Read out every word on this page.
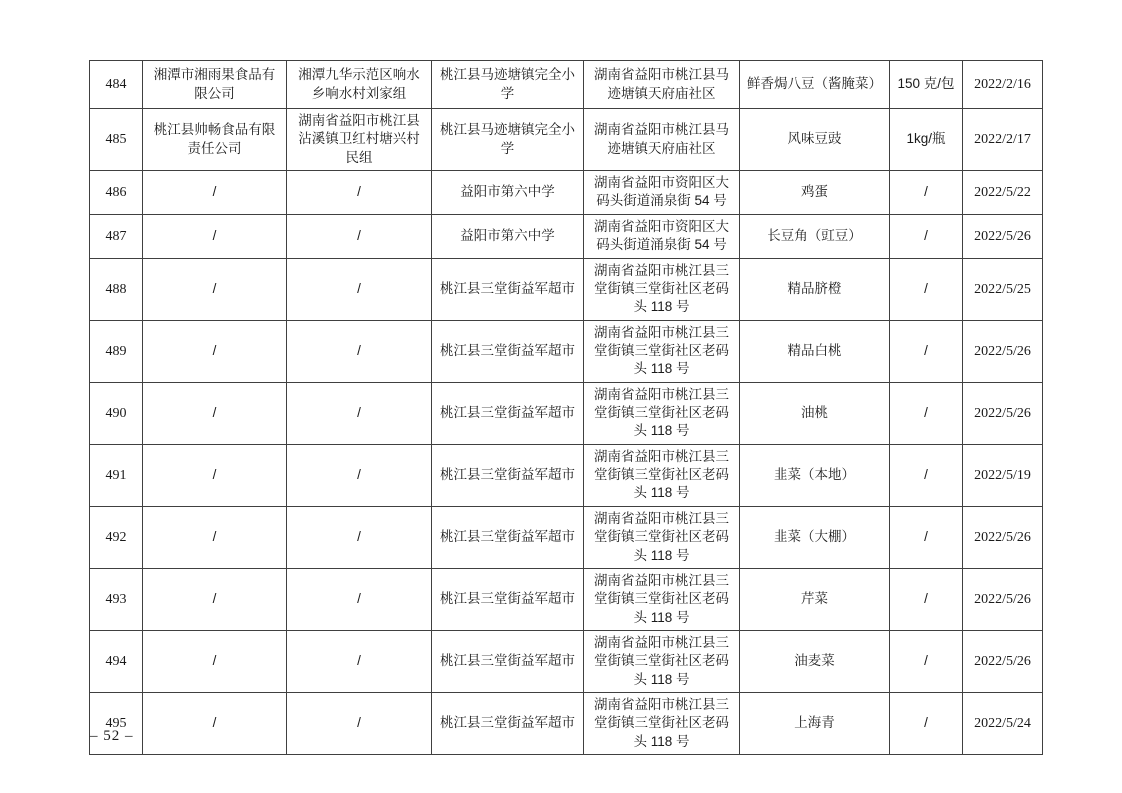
484	湘潭市湘雨果食品有限公司	湘潭九华示范区响水乡响水村刘家组	桃江县马迹塘镇完全小学	湖南省益阳市桃江县马迹塘镇天府庙社区	鲜香焗八豆（酱腌菜）	150 克/包	2022/2/16
485	桃江县帅畅食品有限责任公司	湖南省益阳市桃江县沾溪镇卫红村塘兴村民组	桃江县马迹塘镇完全小学	湖南省益阳市桃江县马迹塘镇天府庙社区	风味豆豉	1kg/瓶	2022/2/17
486	/	/	益阳市第六中学	湖南省益阳市资阳区大码头街道涌泉街 54 号	鸡蛋	/	2022/5/22
487	/	/	益阳市第六中学	湖南省益阳市资阳区大码头街道涌泉街 54 号	长豆角（豇豆）	/	2022/5/26
488	/	/	桃江县三堂街益军超市	湖南省益阳市桃江县三堂街镇三堂街社区老码头 118 号	精品脐橙	/	2022/5/25
489	/	/	桃江县三堂街益军超市	湖南省益阳市桃江县三堂街镇三堂街社区老码头 118 号	精品白桃	/	2022/5/26
490	/	/	桃江县三堂街益军超市	湖南省益阳市桃江县三堂街镇三堂街社区老码头 118 号	油桃	/	2022/5/26
491	/	/	桃江县三堂街益军超市	湖南省益阳市桃江县三堂街镇三堂街社区老码头 118 号	韭菜（本地）	/	2022/5/19
492	/	/	桃江县三堂街益军超市	湖南省益阳市桃江县三堂街镇三堂街社区老码头 118 号	韭菜（大棚）	/	2022/5/26
493	/	/	桃江县三堂街益军超市	湖南省益阳市桃江县三堂街镇三堂街社区老码头 118 号	芹菜	/	2022/5/26
494	/	/	桃江县三堂街益军超市	湖南省益阳市桃江县三堂街镇三堂街社区老码头 118 号	油麦菜	/	2022/5/26
495	/	/	桃江县三堂街益军超市	湖南省益阳市桃江县三堂街镇三堂街社区老码头 118 号	上海青	/	2022/5/24
– 52 –
